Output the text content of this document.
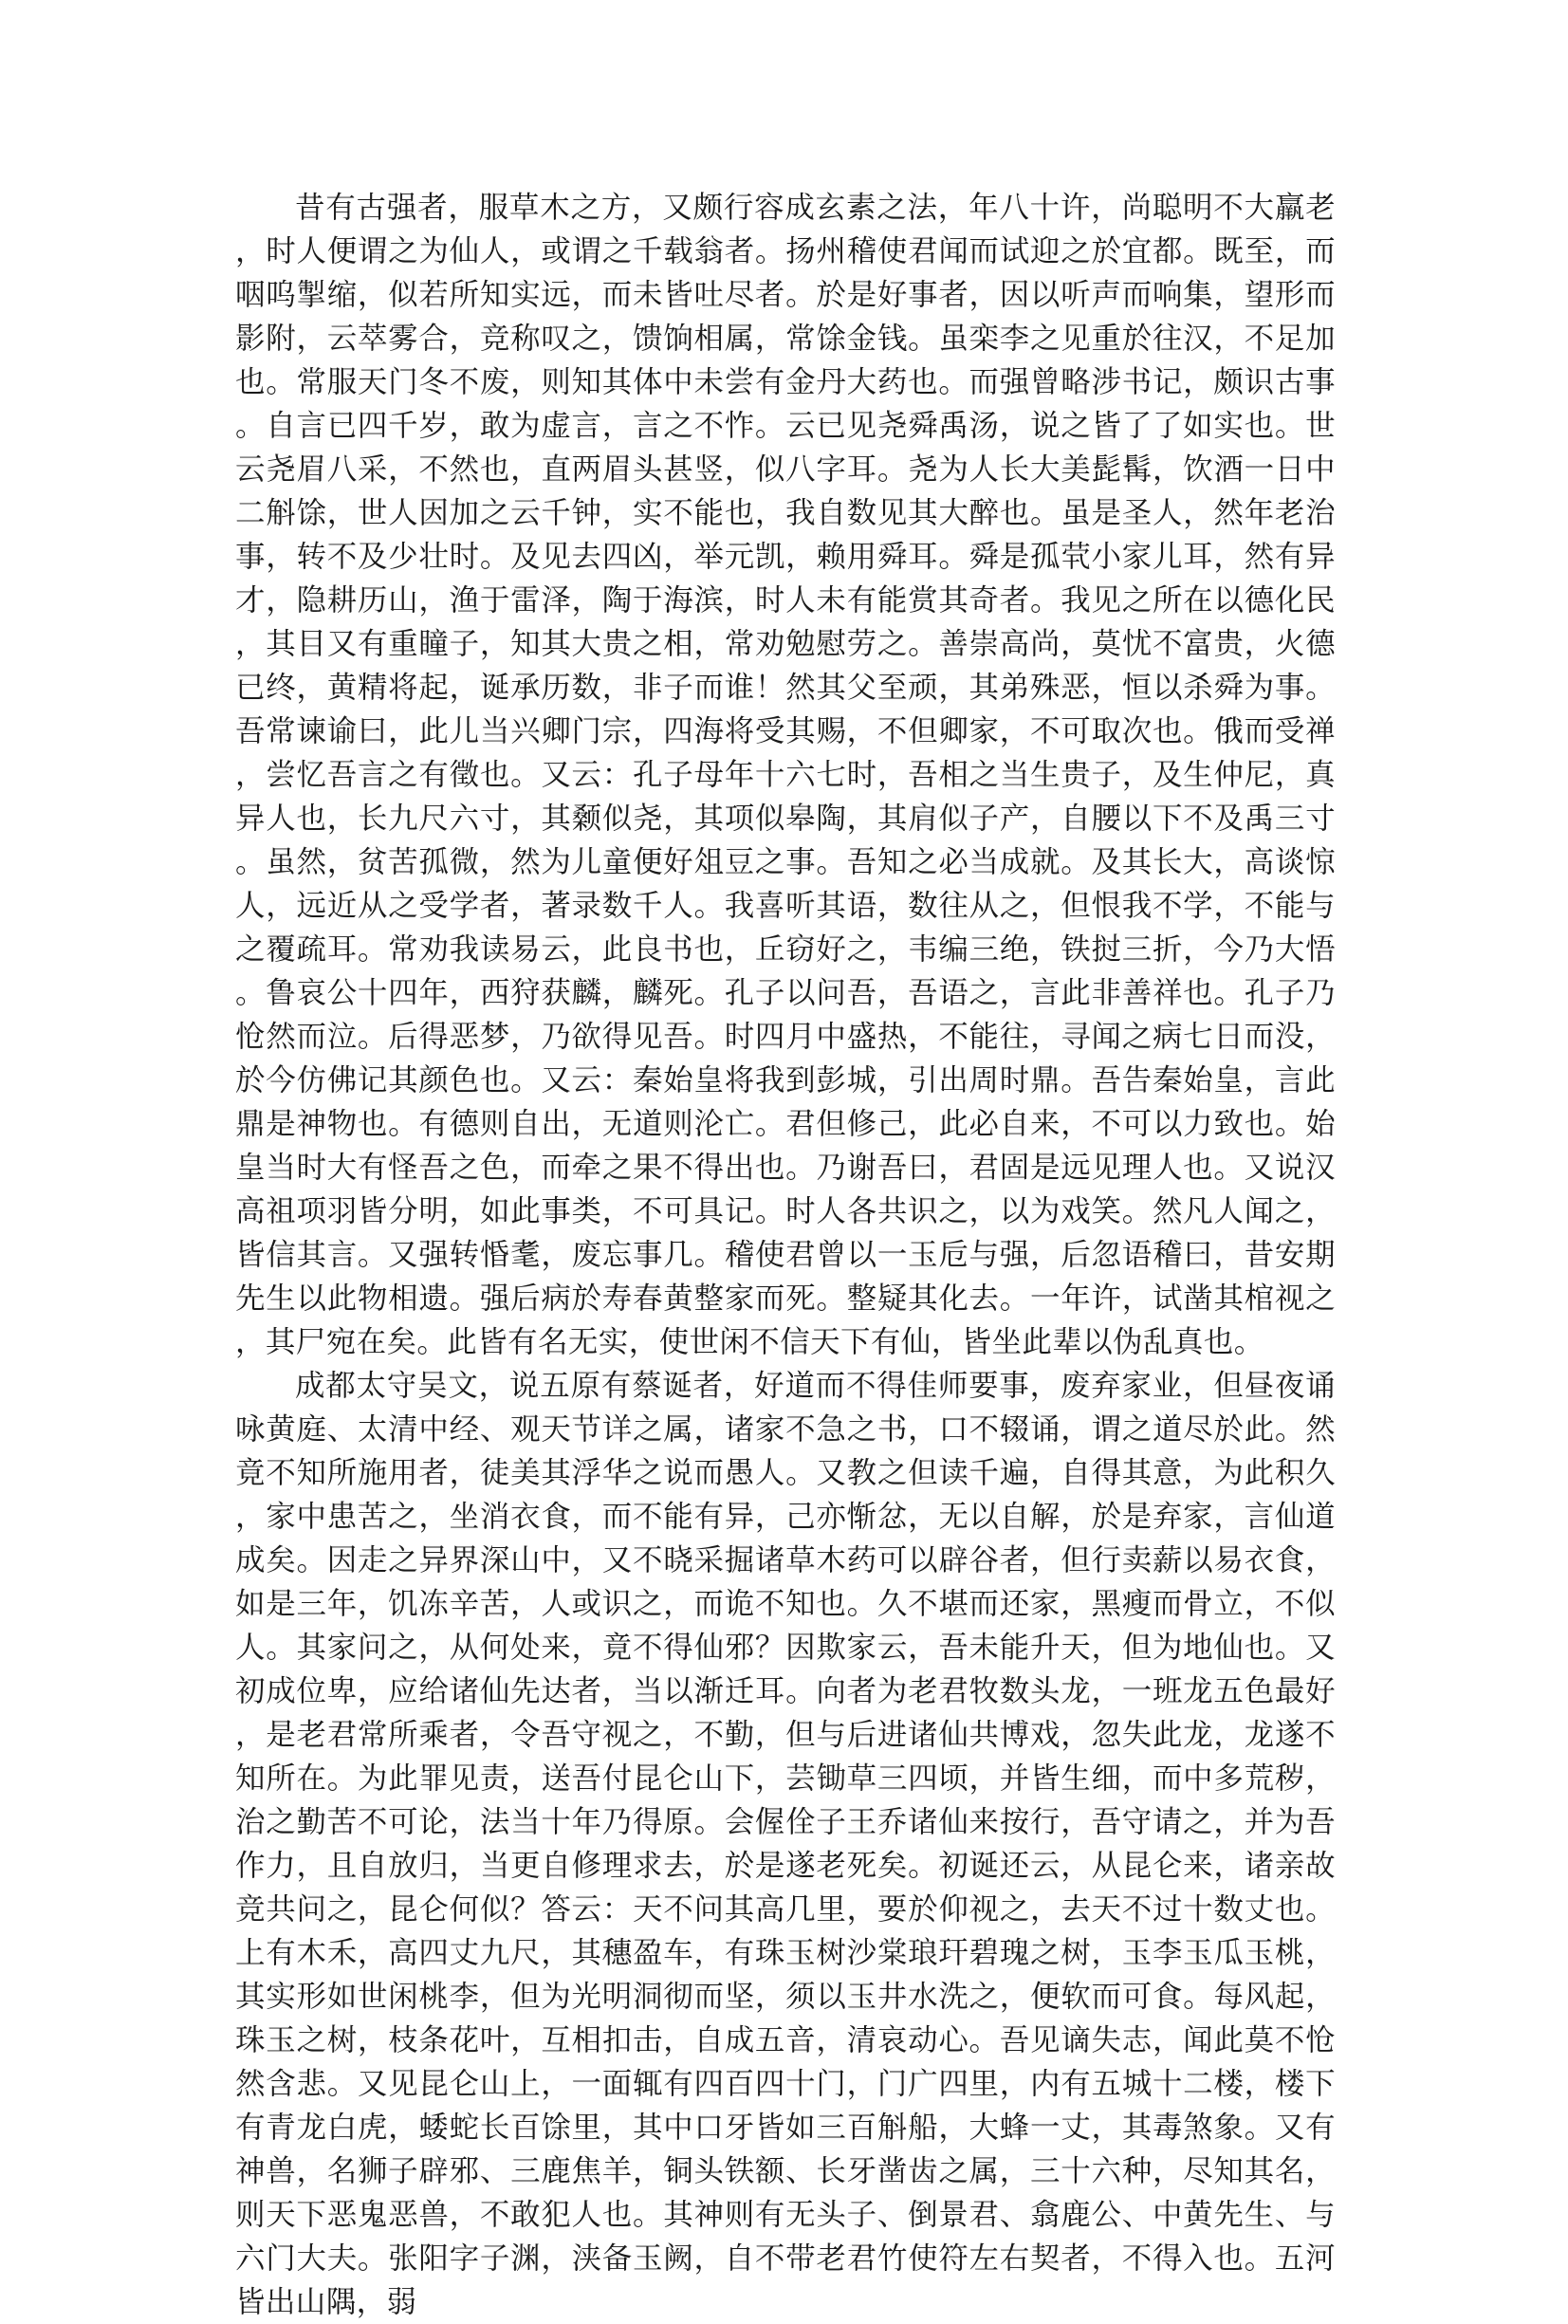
昔有古强者，服草木之方，又颇行容成玄素之法，年八十许，尚聪明不大羸老，时人便谓之为仙人，或谓之千载翁者。扬州稽使君闻而试迎之於宜都。既至，而咽呜掣缩，似若所知实远，而未皆吐尽者。於是好事者，因以听声而响集，望形而影附，云萃雾合，竞称叹之，馈饷相属，常馀金钱。虽栾李之见重於往汉，不足加也。常服天门冬不废，则知其体中未尝有金丹大药也。而强曾略涉书记，颇识古事。自言已四千岁，敢为虚言，言之不怍。云已见尧舜禹汤，说之皆了了如实也。世云尧眉八采，不然也，直两眉头甚竖，似八字耳。尧为人长大美髭髯，饮酒一日中二斛馀，世人因加之云千钟，实不能也，我自数见其大醉也。虽是圣人，然年老治事，转不及少壮时。及见去四凶，举元凯，赖用舜耳。舜是孤茕小家儿耳，然有异才，隐耕历山，渔于雷泽，陶于海滨，时人未有能赏其奇者。我见之所在以德化民，其目又有重瞳子，知其大贵之相，常劝勉慰劳之。善崇高尚，莫忧不富贵，火德已终，黄精将起，诞承历数，非子而谁！然其父至顽，其弟殊恶，恒以杀舜为事。吾常谏谕曰，此儿当兴卿门宗，四海将受其赐，不但卿家，不可取次也。俄而受禅，尝忆吾言之有徵也。又云：孔子母年十六七时，吾相之当生贵子，及生仲尼，真异人也，长九尺六寸，其颡似尧，其项似皋陶，其肩似子产，自腰以下不及禹三寸。虽然，贫苦孤微，然为儿童便好俎豆之事。吾知之必当成就。及其长大，高谈惊人，远近从之受学者，著录数千人。我喜听其语，数往从之，但恨我不学，不能与之覆疏耳。常劝我读易云，此良书也，丘窃好之，韦编三绝，铁挝三折，今乃大悟。鲁哀公十四年，西狩获麟，麟死。孔子以问吾，吾语之，言此非善祥也。孔子乃怆然而泣。后得恶梦，乃欲得见吾。时四月中盛热，不能往，寻闻之病七日而没，於今仿佛记其颜色也。又云：秦始皇将我到彭城，引出周时鼎。吾告秦始皇，言此鼎是神物也。有德则自出，无道则沦亡。君但修己，此必自来，不可以力致也。始皇当时大有怪吾之色，而牵之果不得出也。乃谢吾曰，君固是远见理人也。又说汉高祖项羽皆分明，如此事类，不可具记。时人各共识之，以为戏笑。然凡人闻之，皆信其言。又强转惛耄，废忘事几。稽使君曾以一玉卮与强，后忽语稽曰，昔安期先生以此物相遗。强后病於寿春黄整家而死。整疑其化去。一年许，试凿其棺视之，其尸宛在矣。此皆有名无实，使世闲不信天下有仙，皆坐此辈以伪乱真也。

成都太守吴文，说五原有蔡诞者，好道而不得佳师要事，废弃家业，但昼夜诵咏黄庭、太清中经、观天节详之属，诸家不急之书，口不辍诵，谓之道尽於此。然竟不知所施用者，徒美其浮华之说而愚人。又教之但读千遍，自得其意，为此积久，家中患苦之，坐消衣食，而不能有异，己亦惭忿，无以自解，於是弃家，言仙道成矣。因走之异界深山中，又不晓采掘诸草木药可以辟谷者，但行卖薪以易衣食，如是三年，饥冻辛苦，人或识之，而诡不知也。久不堪而还家，黑瘦而骨立，不似人。其家问之，从何处来，竟不得仙邪？因欺家云，吾未能升天，但为地仙也。又初成位卑，应给诸仙先达者，当以渐迁耳。向者为老君牧数头龙，一班龙五色最好，是老君常所乘者，令吾守视之，不勤，但与后进诸仙共博戏，忽失此龙，龙遂不知所在。为此罪见责，送吾付昆仑山下，芸锄草三四顷，并皆生细，而中多荒秽，治之勤苦不可论，法当十年乃得原。会偓佺子王乔诸仙来按行，吾守请之，并为吾作力，且自放归，当更自修理求去，於是遂老死矣。初诞还云，从昆仑来，诸亲故竞共问之，昆仑何似？答云：天不问其高几里，要於仰视之，去天不过十数丈也。上有木禾，高四丈九尺，其穗盈车，有珠玉树沙棠琅玕碧瑰之树，玉李玉瓜玉桃，其实形如世闲桃李，但为光明洞彻而坚，须以玉井水洗之，便软而可食。每风起，珠玉之树，枝条花叶，互相扣击，自成五音，清哀动心。吾见谪失志，闻此莫不怆然含悲。又见昆仑山上，一面辄有四百四十门，门广四里，内有五城十二楼，楼下有青龙白虎，蜲蛇长百馀里，其中口牙皆如三百斛船，大蜂一丈，其毒煞象。又有神兽，名狮子辟邪、三鹿焦羊，铜头铁额、长牙凿齿之属，三十六种，尽知其名，则天下恶鬼恶兽，不敢犯人也。其神则有无头子、倒景君、翕鹿公、中黄先生、与六门大夫。张阳字子渊，浃备玉阙，自不带老君竹使符左右契者，不得入也。五河皆出山隅，弱
